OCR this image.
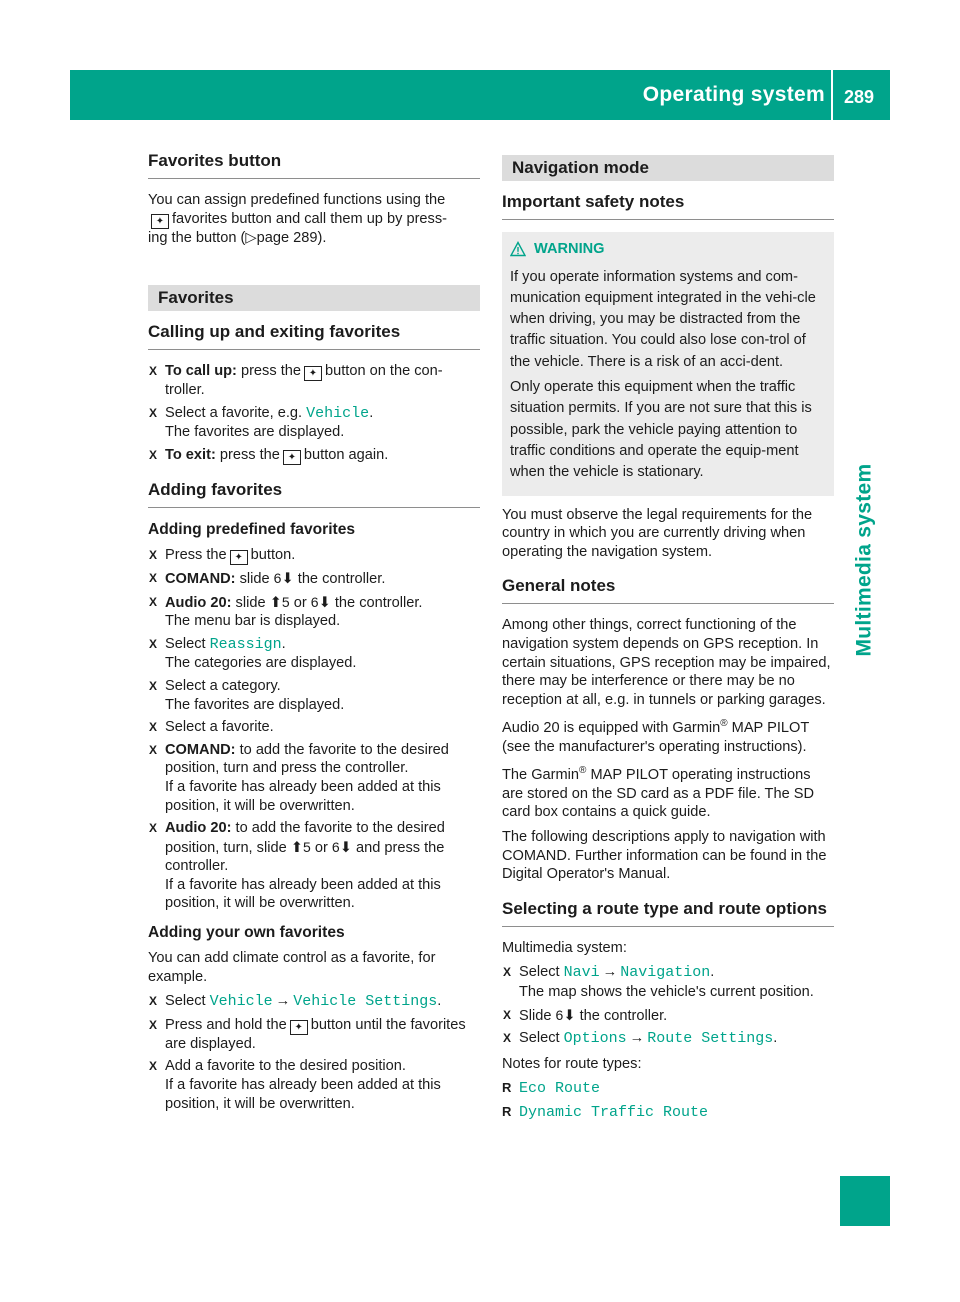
Operating system 289
Multimedia system
Favorites button

You can assign predefined functions using the
✦ favorites button and call them up by press-
ing the button (▷page 289).

Favorites
Calling up and exiting favorites
X To call up: press the ✦ button on the con-troller.
X Select a favorite, e.g. Vehicle.
The favorites are displayed.
X To exit: press the ✦ button again.
Adding favorites
Adding predefined favorites
X Press the ✦ button.
X COMAND: slide 6⬇ the controller.
X Audio 20: slide ⬆5 or 6⬇ the controller.
The menu bar is displayed.
X Select Reassign.
The categories are displayed.
X Select a category.
The favorites are displayed.
X Select a favorite.
X COMAND: to add the favorite to the desired position, turn and press the controller.
If a favorite has already been added at this position, it will be overwritten.
X Audio 20: to add the favorite to the desired position, turn, slide ⬆5 or 6⬇ and press the controller.
If a favorite has already been added at this position, it will be overwritten.
Adding your own favorites

You can add climate control as a favorite, for example.

X Select Vehicle → Vehicle Settings.
X Press and hold the ✦ button until the favorites are displayed.
X Add a favorite to the desired position.
If a favorite has already been added at this position, it will be overwritten.
Navigation mode
Important safety notes
WARNING

If you operate information systems and com-munication equipment integrated in the vehi-cle when driving, you may be distracted from the traffic situation. You could also lose con-trol of the vehicle. There is a risk of an acci-dent.

Only operate this equipment when the traffic situation permits. If you are not sure that this is possible, park the vehicle paying attention to traffic conditions and operate the equip-ment when the vehicle is stationary.

You must observe the legal requirements for the country in which you are currently driving when operating the navigation system.

General notes

Among other things, correct functioning of the navigation system depends on GPS reception. In certain situations, GPS reception may be impaired, there may be interference or there may be no reception at all, e.g. in tunnels or parking garages.

Audio 20 is equipped with Garmin® MAP PILOT (see the manufacturer's operating instructions).

The Garmin® MAP PILOT operating instructions are stored on the SD card as a PDF file. The SD card box contains a quick guide.

The following descriptions apply to navigation with COMAND. Further information can be found in the Digital Operator's Manual.

Selecting a route type and route options

Multimedia system:

X Select Navi → Navigation.
The map shows the vehicle's current position.
X Slide 6⬇ the controller.
X Select Options → Route Settings.

Notes for route types:

R Eco Route
R Dynamic Traffic Route
